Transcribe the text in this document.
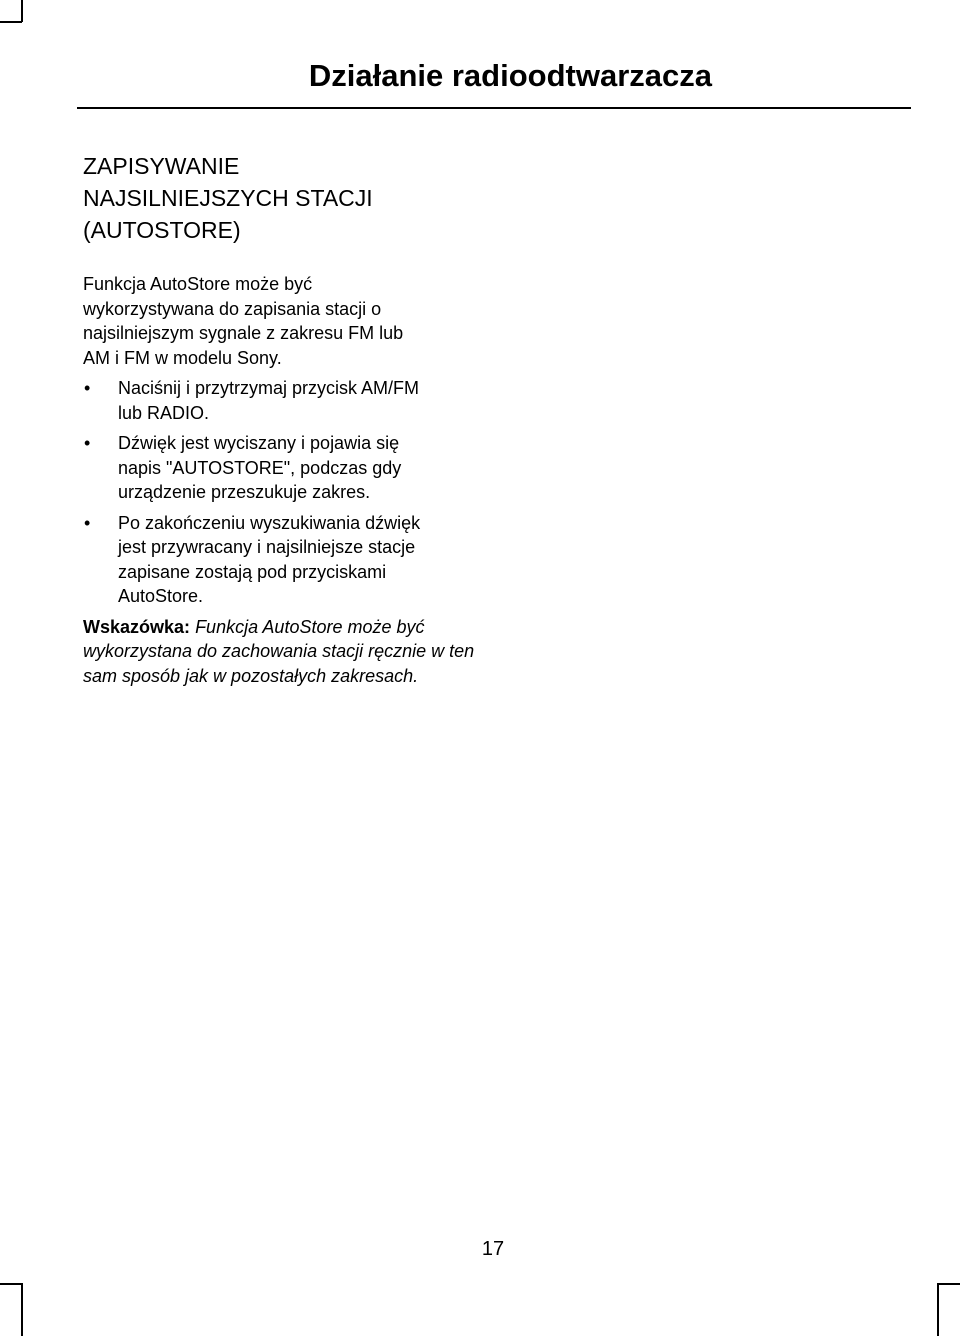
Działanie radioodtwarzacza
ZAPISYWANIE
NAJSILNIEJSZYCH STACJI
(AUTOSTORE)

Funkcja AutoStore może być
wykorzystywana do zapisania stacji o
najsilniejszym sygnale z zakresu FM lub
AM i FM w modelu Sony.

• Naciśnij i przytrzymaj przycisk AM/FM
lub RADIO.
• Dźwięk jest wyciszany i pojawia się
napis "AUTOSTORE", podczas gdy
urządzenie przeszukuje zakres.
• Po zakończeniu wyszukiwania dźwięk
jest przywracany i najsilniejsze stacje
zapisane zostają pod przyciskami
AutoStore.

Wskazówka: Funkcja AutoStore może być wykorzystana do zachowania stacji ręcznie w ten sam sposób jak w pozostałych zakresach.

17
